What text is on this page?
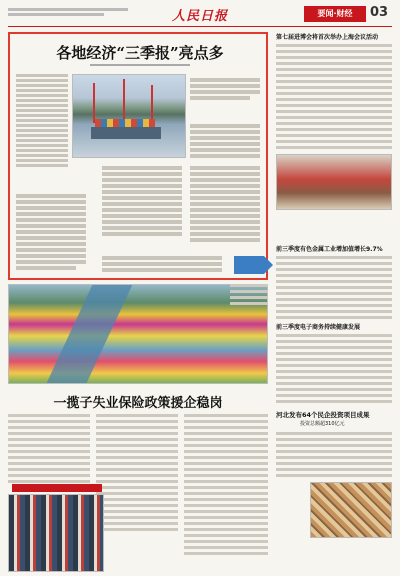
人民日报	要闻·财经	03
各地经济“三季报”亮点多
第七届进博会将首次举办上海会议活动
前三季度有色金属工业增加值增长9.7%
前三季度电子商务持续健康发展
河北发布64个民企投资项目成果
投资总额超310亿元
一揽子失业保险政策援企稳岗
